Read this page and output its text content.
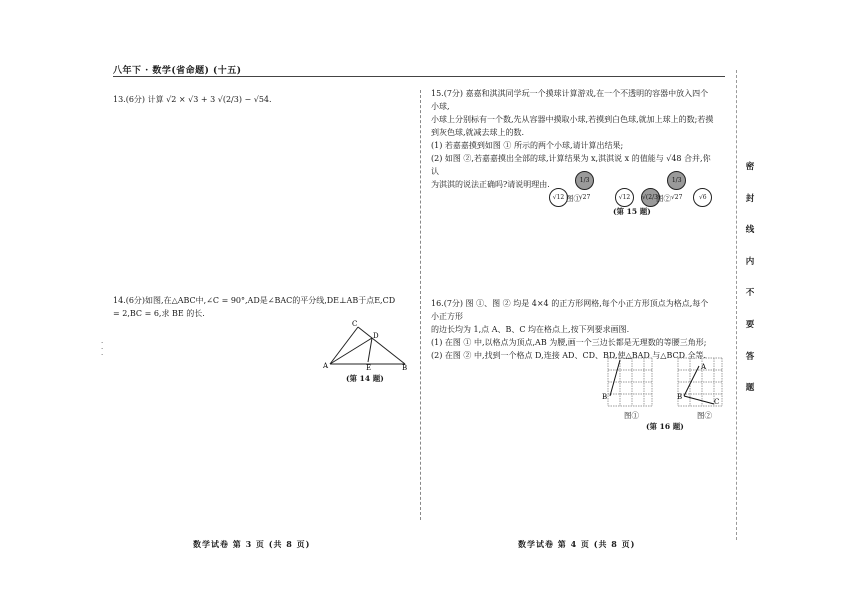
八年下 · 数学(省命题) (十五)
·
·
·

13.(6分) 计算 √2 × √3 + 3 √(2/3) − √54.

14.(6分)如图,在△ABC中,∠C = 90°,AD是∠BAC的平分线,DE⊥AB于点E,CD

= 2,BC = 6,求 BE 的长.

C
D
A	E	B
(第 14 题)

15.(7分) 嘉嘉和淇淇同学玩一个摸球计算游戏,在一个不透明的容器中放入四个小球,

小球上分别标有一个数,先从容器中摸取小球,若摸到白色球,就加上球上的数;若摸

到灰色球,就减去球上的数.

(1) 若嘉嘉摸到如图 ① 所示的两个小球,请计算出结果;

(2) 如图 ②,若嘉嘉摸出全部的球,计算结果为 x,淇淇说 x 的值能与 √48 合并,你认

为淇淇的说法正确吗?请说明理由.

√12 1/3 √27	√12 √(2/3) 1/3 √27	√6
图①	图②
(第 15 题)

16.(7分) 图 ①、图 ② 均是 4×4 的正方形网格,每个小正方形顶点为格点,每个小正方形

的边长均为 1,点 A、B、C 均在格点上,按下列要求画图.

(1) 在图 ① 中,以格点为顶点,AB 为腰,画一个三边长都是无理数的等腰三角形;

(2) 在图 ② 中,找到一个格点 D,连接 AD、CD、BD,使△BAD 与△BCD 全等.

B
图①
A
B
C
图②
(第 16 题)
数学试卷 第 3 页 (共 8 页)	数学试卷 第 4 页 (共 8 页)
密
封
线
内
不
要
答
题
